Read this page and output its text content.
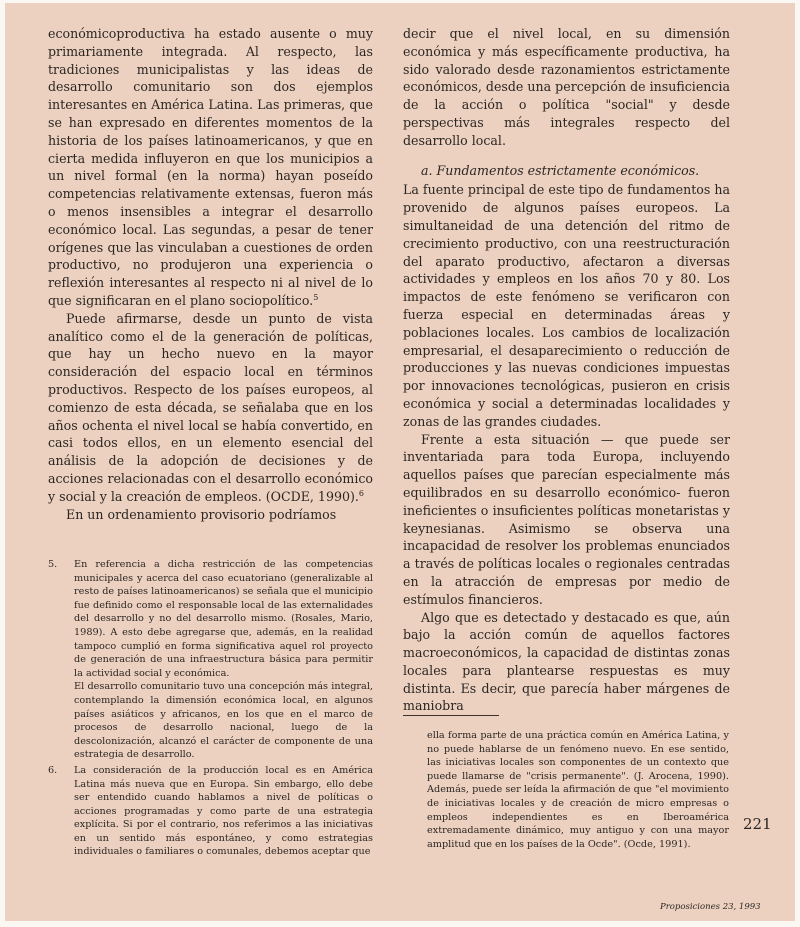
económicoproductiva ha estado ausente o muy primariamente integrada. Al respecto, las tradiciones municipalistas y las ideas de desarrollo comunitario son dos ejemplos interesantes en América Latina. Las primeras, que se han expresado en diferentes momentos de la historia de los países latinoamericanos, y que en cierta medida influyeron en que los municipios a un nivel formal (en la norma) hayan poseído competencias relativamente extensas, fueron más o menos insensibles a integrar el desarrollo económico local. Las segundas, a pesar de tener orígenes que las vinculaban a cuestiones de orden productivo, no produjeron una experiencia o reflexión interesantes al respecto ni al nivel de lo que significaran en el plano sociopolítico.$^5$

Puede afirmarse, desde un punto de vista analítico como el de la generación de políticas, que hay un hecho nuevo en la mayor consideración del espacio local en términos productivos. Respecto de los países europeos, al comienzo de esta década, se señalaba que en los años ochenta el nivel local se había convertido, en casi todos ellos, en un elemento esencial del análisis de la adopción de decisiones y de acciones relacionadas con el desarrollo económico y social y la creación de empleos. (OCDE, 1990).$^6$

En un ordenamiento provisorio podríamos

decir que el nivel local, en su dimensión económica y más específicamente productiva, ha sido valorado desde razonamientos estrictamente económicos, desde una percepción de insuficiencia de la acción o política "social" y desde perspectivas más integrales respecto del desarrollo local.

a. Fundamentos estrictamente económicos.

La fuente principal de este tipo de fundamentos ha provenido de algunos países europeos. La simultaneidad de una detención del ritmo de crecimiento productivo, con una reestructuración del aparato productivo, afectaron a diversas actividades y empleos en los años 70 y 80. Los impactos de este fenómeno se verificaron con fuerza especial en determinadas áreas y poblaciones locales. Los cambios de localización empresarial, el desaparecimiento o reducción de producciones y las nuevas condiciones impuestas por innovaciones tecnológicas, pusieron en crisis económica y social a determinadas localidades y zonas de las grandes ciudades.

Frente a esta situación — que puede ser inventariada para toda Europa, incluyendo aquellos países que parecían especialmente más equilibrados en su desarrollo económico- fueron ineficientes o insuficientes políticas monetaristas y keynesianas. Asimismo se observa una incapacidad de resolver los problemas enunciados a través de políticas locales o regionales centradas en la atracción de empresas por medio de estímulos financieros.

Algo que es detectado y destacado es que, aún bajo la acción común de aquellos factores macroeconómicos, la capacidad de distintas zonas locales para plantearse respuestas es muy distinta. Es decir, que parecía haber márgenes de maniobra

5.	En referencia a dicha restricción de las competencias municipales y acerca del caso ecuatoriano (generalizable al resto de países latinoamericanos) se señala que el municipio fue definido como el responsable local de las externalidades del desarrollo y no del desarrollo mismo. (Rosales, Mario, 1989). A esto debe agregarse que, además, en la realidad tampoco cumplió en forma significativa aquel rol proyecto de generación de una infraestructura básica para permitir la actividad social y económica.

El desarrollo comunitario tuvo una concepción más integral, contemplando la dimensión económica local, en algunos países asiáticos y africanos, en los que en el marco de procesos de desarrollo nacional, luego de la descolonización, alcanzó el carácter de componente de una estrategia de desarrollo.

6.	La consideración de la producción local es en América Latina más nueva que en Europa. Sin embargo, ello debe ser entendido cuando hablamos a nivel de políticas o acciones programadas y como parte de una estrategia explícita. Si por el contrario, nos referimos a las iniciativas en un sentido más espontáneo, y como estrategias individuales o familiares o comunales, debemos aceptar que

ella forma parte de una práctica común en América Latina, y no puede hablarse de un fenómeno nuevo. En ese sentido, las iniciativas locales son componentes de un contexto que puede llamarse de "crisis permanente". (J. Arocena, 1990). Además, puede ser leída la afirmación de que "el movimiento de iniciativas locales y de creación de micro empresas o empleos independientes es en Iberoamérica extremadamente dinámico, muy antiguo y con una mayor amplitud que en los países de la Ocde". (Ocde, 1991).
221
Proposiciones 23, 1993
